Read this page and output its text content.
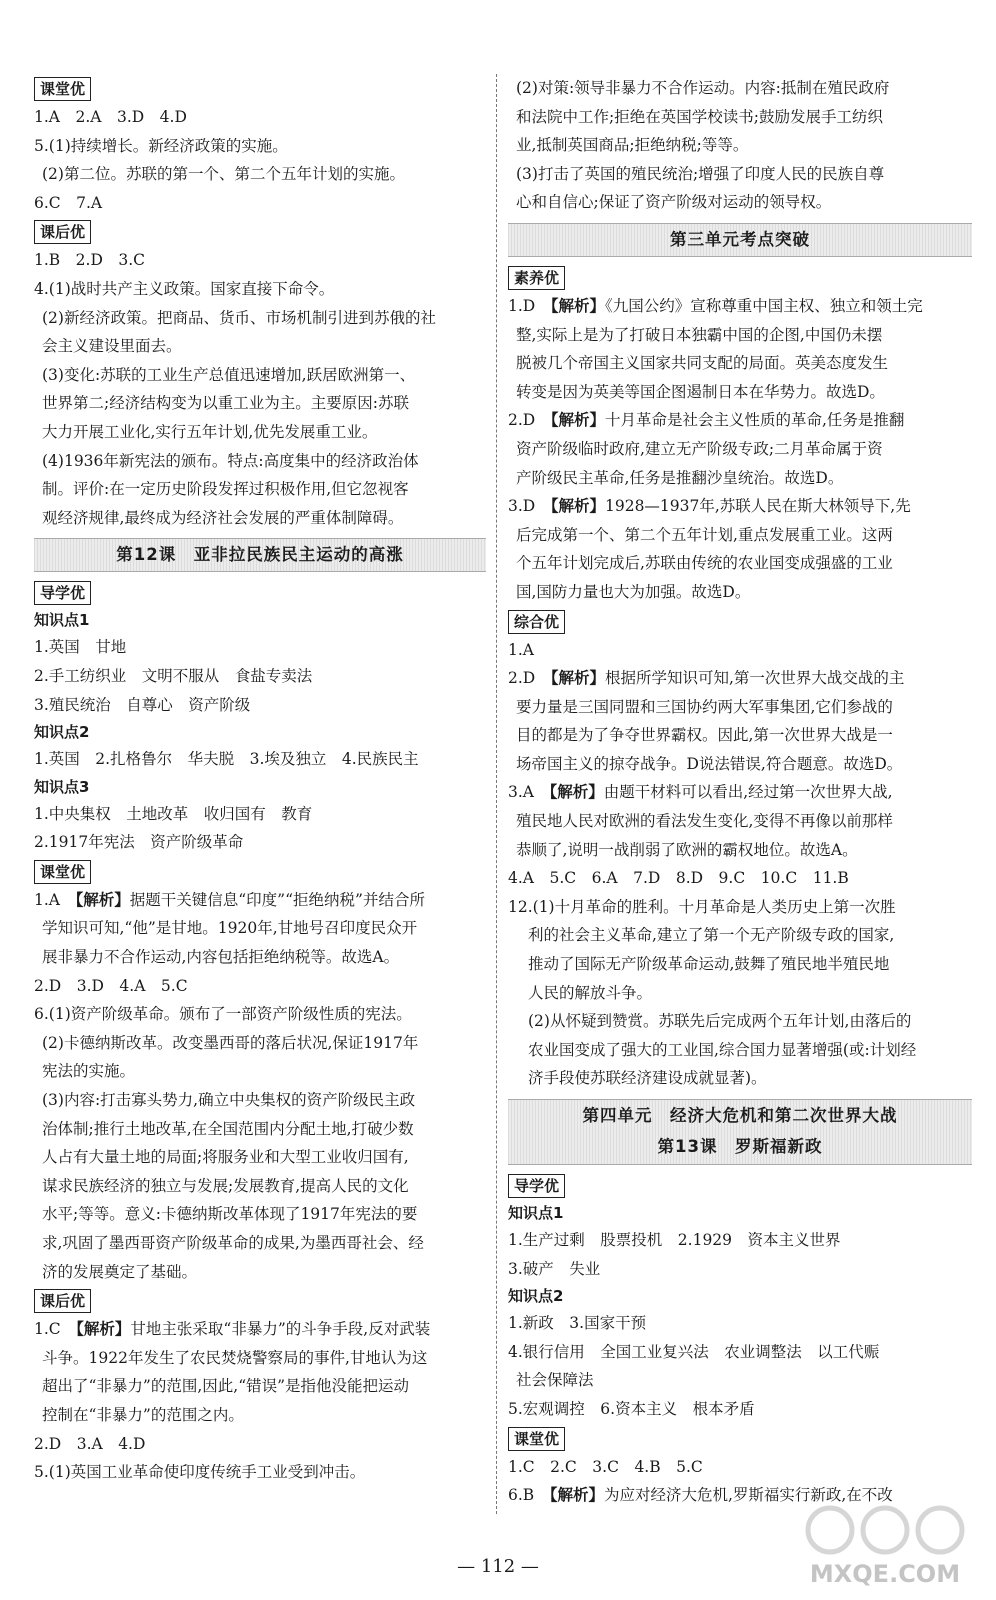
课堂优
1.A　2.A　3.D　4.D
5.(1)持续增长。新经济政策的实施。
(2)第二位。苏联的第一个、第二个五年计划的实施。
6.C　7.A
课后优
1.B　2.D　3.C
4.(1)战时共产主义政策。国家直接下命令。
(2)新经济政策。把商品、货币、市场机制引进到苏俄的社
会主义建设里面去。
(3)变化:苏联的工业生产总值迅速增加,跃居欧洲第一、
世界第二;经济结构变为以重工业为主。主要原因:苏联
大力开展工业化,实行五年计划,优先发展重工业。
(4)1936年新宪法的颁布。特点:高度集中的经济政治体
制。评价:在一定历史阶段发挥过积极作用,但它忽视客
观经济规律,最终成为经济社会发展的严重体制障碍。
第12课　亚非拉民族民主运动的高涨
导学优
知识点1
1.英国　甘地
2.手工纺织业　文明不服从　食盐专卖法
3.殖民统治　自尊心　资产阶级
知识点2
1.英国　2.扎格鲁尔　华夫脱　3.埃及独立　4.民族民主
知识点3
1.中央集权　土地改革　收归国有　教育
2.1917年宪法　资产阶级革命
课堂优
1.A　【解析】据题干关键信息“印度”“拒绝纳税”并结合所
学知识可知,“他”是甘地。1920年,甘地号召印度民众开
展非暴力不合作运动,内容包括拒绝纳税等。故选A。
2.D　3.D　4.A　5.C
6.(1)资产阶级革命。颁布了一部资产阶级性质的宪法。
(2)卡德纳斯改革。改变墨西哥的落后状况,保证1917年
宪法的实施。
(3)内容:打击寡头势力,确立中央集权的资产阶级民主政
治体制;推行土地改革,在全国范围内分配土地,打破少数
人占有大量土地的局面;将服务业和大型工业收归国有,
谋求民族经济的独立与发展;发展教育,提高人民的文化
水平;等等。意义:卡德纳斯改革体现了1917年宪法的要
求,巩固了墨西哥资产阶级革命的成果,为墨西哥社会、经
济的发展奠定了基础。
课后优
1.C　【解析】甘地主张采取“非暴力”的斗争手段,反对武装
斗争。1922年发生了农民焚烧警察局的事件,甘地认为这
超出了“非暴力”的范围,因此,“错误”是指他没能把运动
控制在“非暴力”的范围之内。
2.D　3.A　4.D
5.(1)英国工业革命使印度传统手工业受到冲击。
(2)对策:领导非暴力不合作运动。内容:抵制在殖民政府
和法院中工作;拒绝在英国学校读书;鼓励发展手工纺织
业,抵制英国商品;拒绝纳税;等等。
(3)打击了英国的殖民统治;增强了印度人民的民族自尊
心和自信心;保证了资产阶级对运动的领导权。
第三单元考点突破
素养优
1.D　【解析】《九国公约》宣称尊重中国主权、独立和领土完
整,实际上是为了打破日本独霸中国的企图,中国仍未摆
脱被几个帝国主义国家共同支配的局面。英美态度发生
转变是因为英美等国企图遏制日本在华势力。故选D。
2.D　【解析】十月革命是社会主义性质的革命,任务是推翻
资产阶级临时政府,建立无产阶级专政;二月革命属于资
产阶级民主革命,任务是推翻沙皇统治。故选D。
3.D　【解析】1928—1937年,苏联人民在斯大林领导下,先
后完成第一个、第二个五年计划,重点发展重工业。这两
个五年计划完成后,苏联由传统的农业国变成强盛的工业
国,国防力量也大为加强。故选D。
综合优
1.A
2.D　【解析】根据所学知识可知,第一次世界大战交战的主
要力量是三国同盟和三国协约两大军事集团,它们参战的
目的都是为了争夺世界霸权。因此,第一次世界大战是一
场帝国主义的掠夺战争。D说法错误,符合题意。故选D。
3.A　【解析】由题干材料可以看出,经过第一次世界大战,
殖民地人民对欧洲的看法发生变化,变得不再像以前那样
恭顺了,说明一战削弱了欧洲的霸权地位。故选A。
4.A　5.C　6.A　7.D　8.D　9.C　10.C　11.B
12.(1)十月革命的胜利。十月革命是人类历史上第一次胜
利的社会主义革命,建立了第一个无产阶级专政的国家,
推动了国际无产阶级革命运动,鼓舞了殖民地半殖民地
人民的解放斗争。
(2)从怀疑到赞赏。苏联先后完成两个五年计划,由落后的
农业国变成了强大的工业国,综合国力显著增强(或:计划经
济手段使苏联经济建设成就显著)。
第四单元　经济大危机和第二次世界大战
第13课　罗斯福新政
导学优
知识点1
1.生产过剩　股票投机　2.1929　资本主义世界
3.破产　失业
知识点2
1.新政　3.国家干预
4.银行信用　全国工业复兴法　农业调整法　以工代赈
社会保障法
5.宏观调控　6.资本主义　根本矛盾
课堂优
1.C　2.C　3.C　4.B　5.C
6.B　【解析】为应对经济大危机,罗斯福实行新政,在不改
— 112 —	MXQE.COM
